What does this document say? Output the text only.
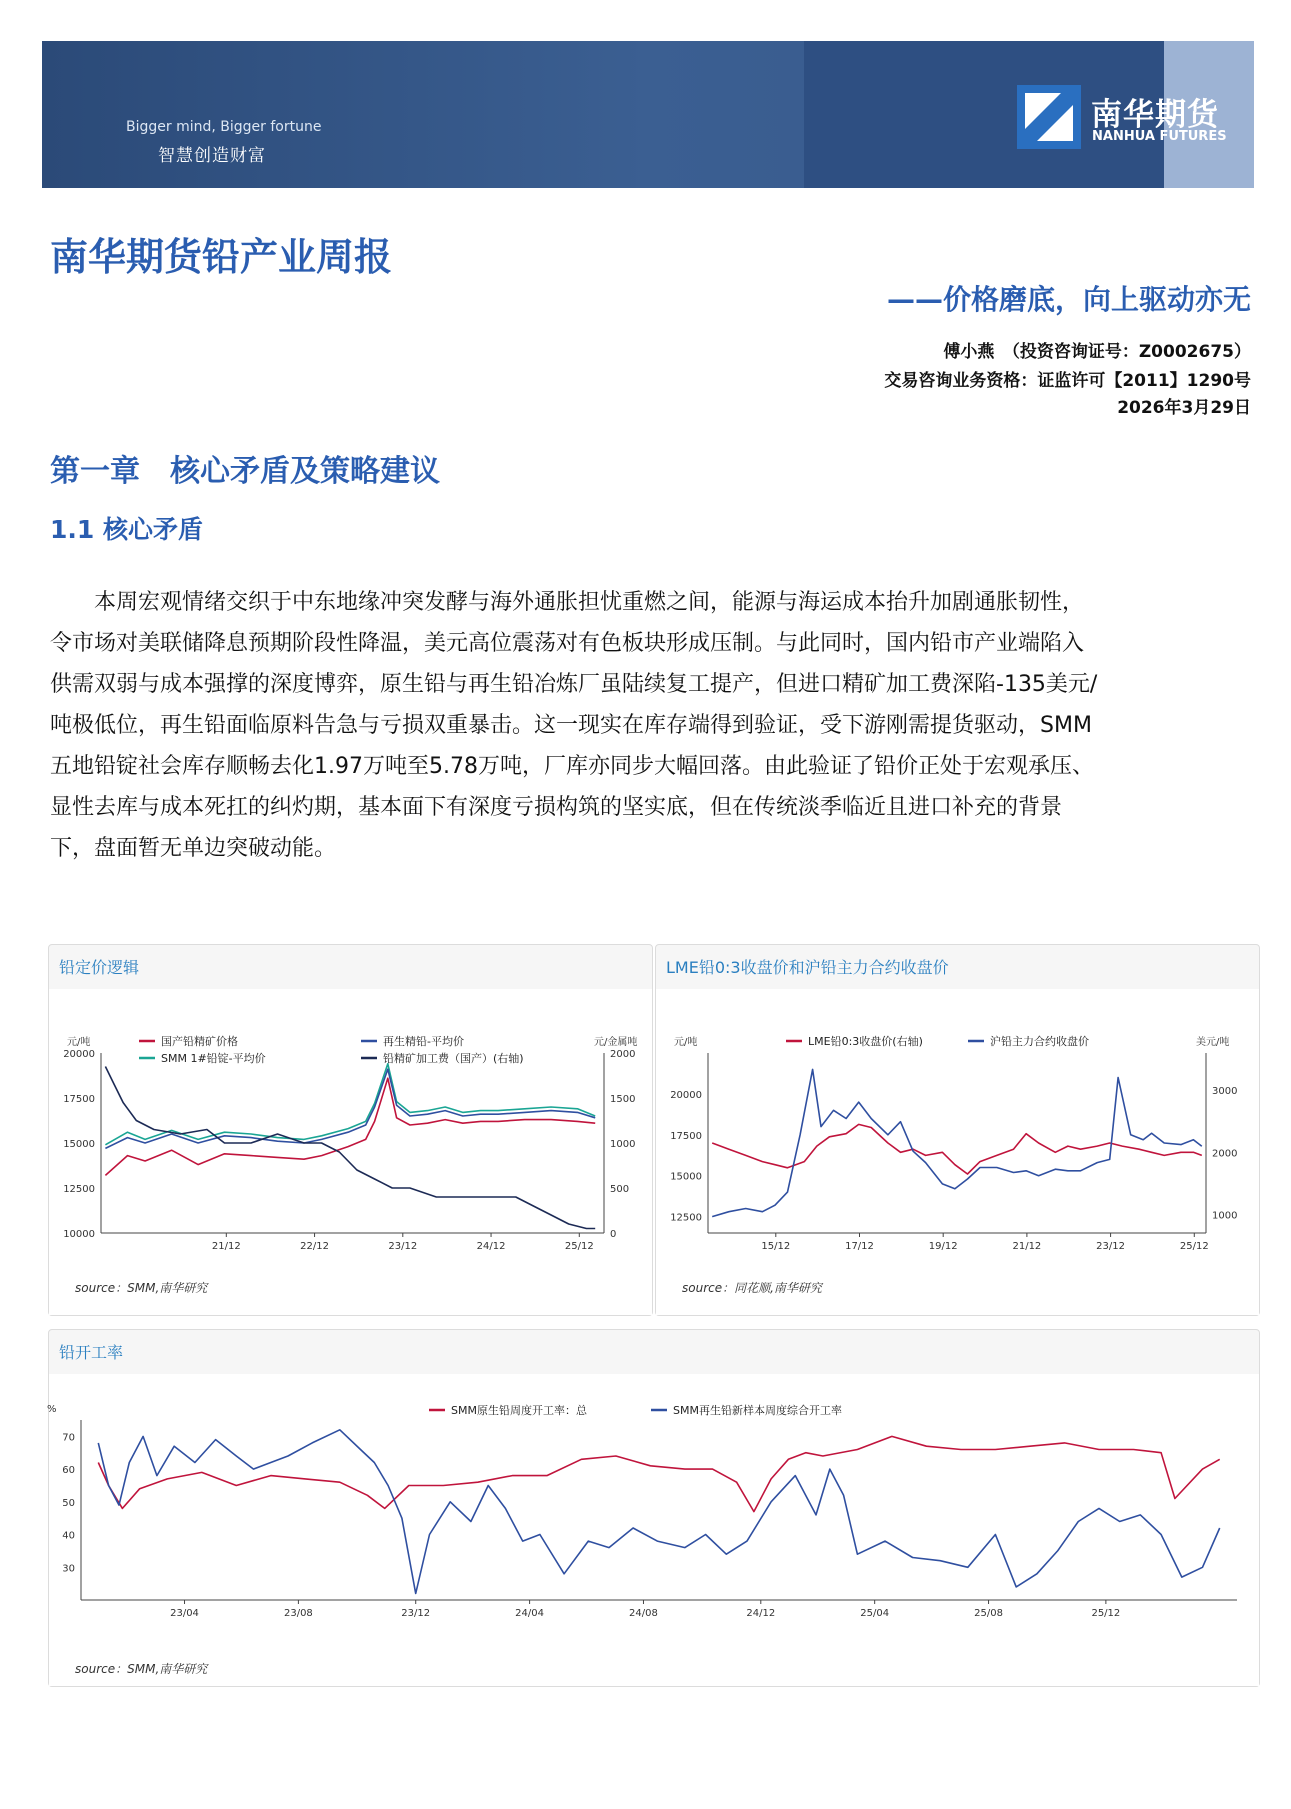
Bigger mind, Bigger fortune
智慧创造财富
南华期货
NANHUA FUTURES
南华期货铅产业周报
——价格磨底，向上驱动亦无
傅小燕　（投资咨询证号：Z0002675）
交易咨询业务资格：证监许可【2011】1290号
2026年3月29日
第一章　核心矛盾及策略建议
1.1 核心矛盾

　　本周宏观情绪交织于中东地缘冲突发酵与海外通胀担忧重燃之间，能源与海运成本抬升加剧通胀韧性，

令市场对美联储降息预期阶段性降温，美元高位震荡对有色板块形成压制。与此同时，国内铅市产业端陷入

供需双弱与成本强撑的深度博弈，原生铅与再生铅冶炼厂虽陆续复工提产，但进口精矿加工费深陷-135美元/

吨极低位，再生铅面临原料告急与亏损双重暴击。这一现实在库存端得到验证，受下游刚需提货驱动，SMM

五地铅锭社会库存顺畅去化1.97万吨至5.78万吨，厂库亦同步大幅回落。由此验证了铅价正处于宏观承压、

显性去库与成本死扛的纠灼期，基本面下有深度亏损构筑的坚实底，但在传统淡季临近且进口补充的背景

下，盘面暂无单边突破动能。

铅定价逻辑
元/吨	元/金属吨
20000
17500
15000
12500
10000
2000
1500
1000
500
0
21/12	22/12	23/12	24/12	25/12
国产铅精矿价格
SMM 1#铅锭-平均价
再生精铅-平均价
铅精矿加工费（国产）(右轴)
source：SMM,南华研究
LME铅0:3收盘价和沪铅主力合约收盘价
元/吨	美元/吨
20000
17500
15000
12500
3000
2000
1000
15/12	17/12	19/12	21/12	23/12	25/12
LME铅0:3收盘价(右轴)	沪铅主力合约收盘价
source：同花顺,南华研究
铅开工率
%
70
60
50
40
30
23/04	23/08	23/12	24/04	24/08	24/12	25/04	25/08	25/12
SMM原生铅周度开工率：总	SMM再生铅新样本周度综合开工率
source：SMM,南华研究
